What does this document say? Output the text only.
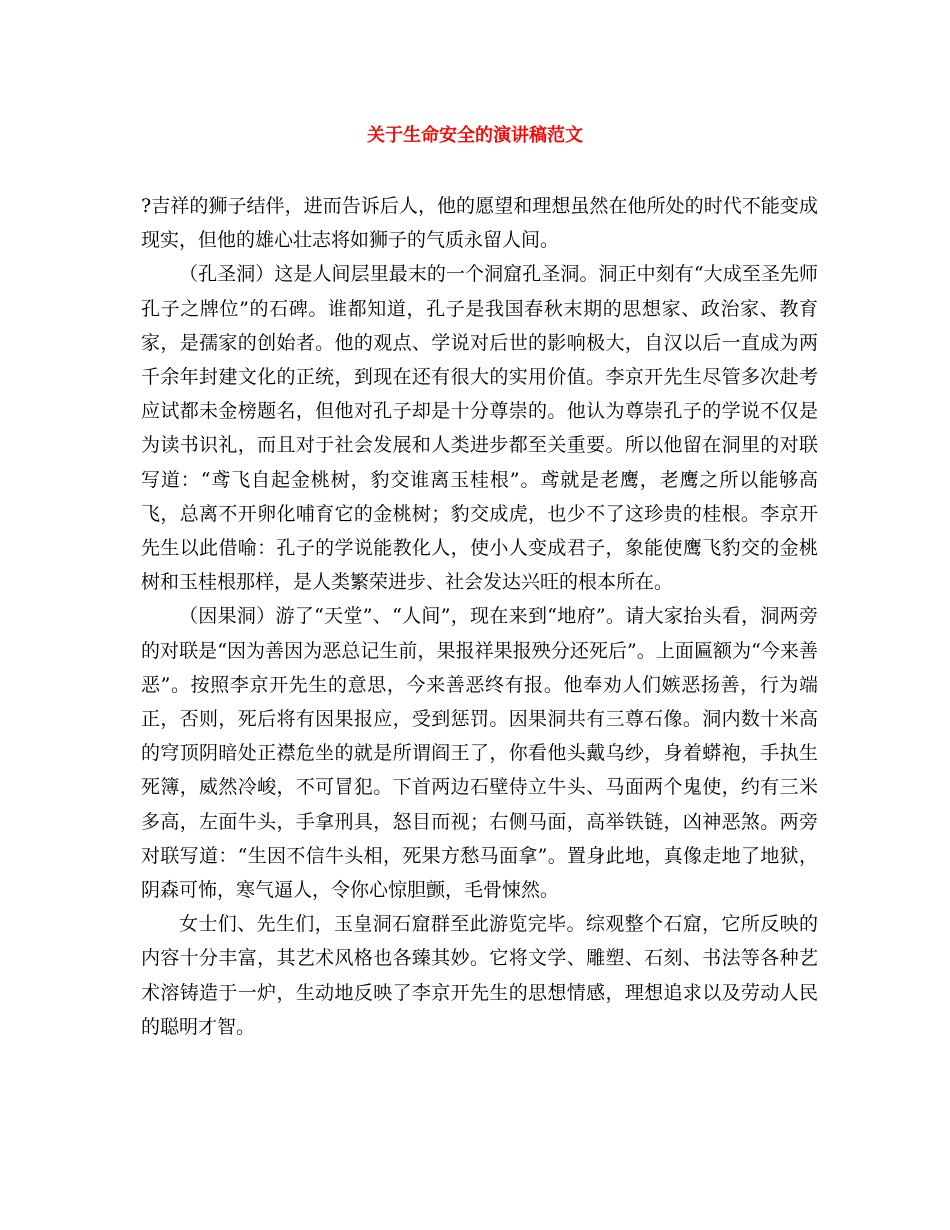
关于生命安全的演讲稿范文

?吉祥的狮子结伴，进而告诉后人，他的愿望和理想虽然在他所处的时代不能变成现实，但他的雄心壮志将如狮子的气质永留人间。

（孔圣洞）这是人间层里最末的一个洞窟孔圣洞。洞正中刻有“大成至圣先师孔子之牌位”的石碑。谁都知道，孔子是我国春秋末期的思想家、政治家、教育家，是孺家的创始者。他的观点、学说对后世的影响极大，自汉以后一直成为两千余年封建文化的正统，到现在还有很大的实用价值。李京开先生尽管多次赴考应试都未金榜题名，但他对孔子却是十分尊崇的。他认为尊崇孔子的学说不仅是为读书识礼，而且对于社会发展和人类进步都至关重要。所以他留在洞里的对联写道：“鸢飞自起金桃树，豹交谁离玉桂根”。鸢就是老鹰，老鹰之所以能够高飞，总离不开卵化哺育它的金桃树；豹交成虎，也少不了这珍贵的桂根。李京开先生以此借喻：孔子的学说能教化人，使小人变成君子，象能使鹰飞豹交的金桃树和玉桂根那样，是人类繁荣进步、社会发达兴旺的根本所在。

（因果洞）游了“天堂”、“人间”，现在来到“地府”。请大家抬头看，洞两旁的对联是“因为善因为恶总记生前，果报祥果报殃分还死后”。上面匾额为“今来善恶”。按照李京开先生的意思，今来善恶终有报。他奉劝人们嫉恶扬善，行为端正，否则，死后将有因果报应，受到惩罚。因果洞共有三尊石像。洞内数十米高的穹顶阴暗处正襟危坐的就是所谓阎王了，你看他头戴乌纱，身着蟒袍，手执生死簿，威然冷峻，不可冒犯。下首两边石壁侍立牛头、马面两个鬼使，约有三米多高，左面牛头，手拿刑具，怒目而视；右侧马面，高举铁链，凶神恶煞。两旁对联写道：“生因不信牛头相，死果方愁马面拿”。置身此地，真像走地了地狱，阴森可怖，寒气逼人，令你心惊胆颤，毛骨悚然。

女士们、先生们，玉皇洞石窟群至此游览完毕。综观整个石窟，它所反映的内容十分丰富，其艺术风格也各臻其妙。它将文学、雕塑、石刻、书法等各种艺术溶铸造于一炉，生动地反映了李京开先生的思想情感，理想追求以及劳动人民的聪明才智。
